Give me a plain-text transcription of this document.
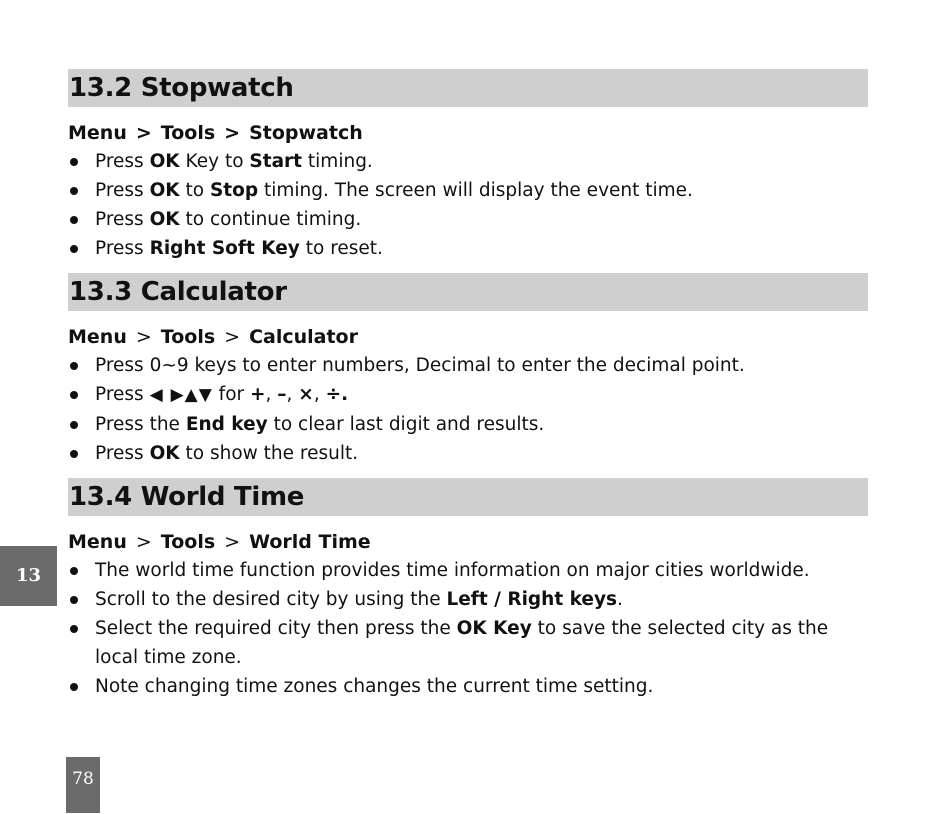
13.2 Stopwatch
Menu > Tools > Stopwatch
Press OK Key to Start timing.
Press OK to Stop timing. The screen will display the event time.
Press OK to continue timing.
Press Right Soft Key to reset.
13.3 Calculator
Menu > Tools > Calculator
Press 0~9 keys to enter numbers, Decimal to enter the decimal point.
Press ◀ ▶▲▼ for +, –, ×, ÷.
Press the End key to clear last digit and results.
Press OK to show the result.
13.4 World Time
Menu > Tools > World Time
The world time function provides time information on major cities worldwide.
Scroll to the desired city by using the Left / Right keys.
Select the required city then press the OK Key to save the selected city as the local time zone.
Note changing time zones changes the current time setting.
13
78
